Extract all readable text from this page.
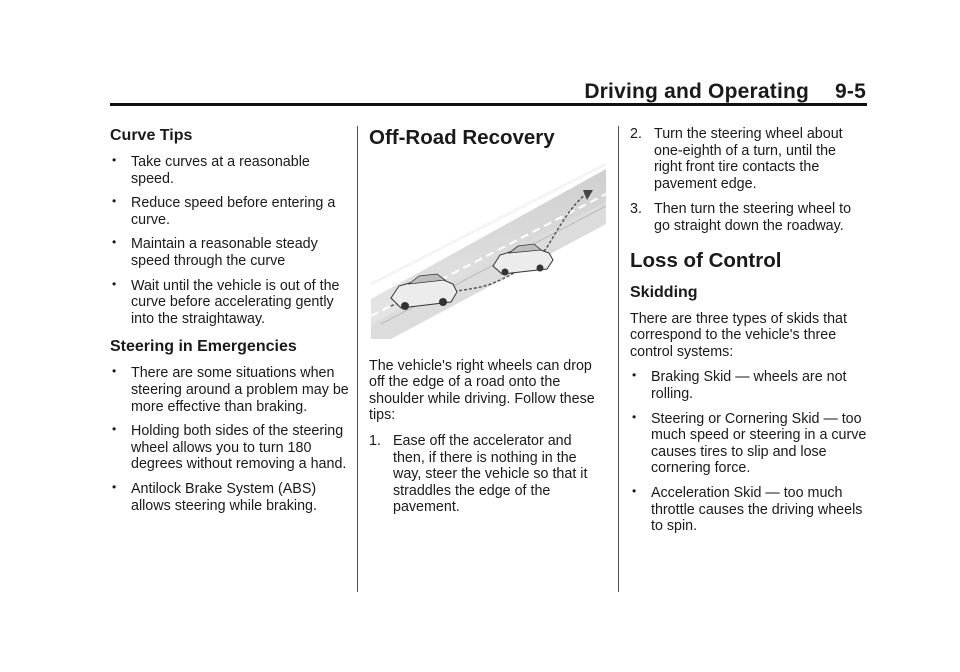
Driving and Operating 9-5
Curve Tips
• Take curves at a reasonable speed.
• Reduce speed before entering a curve.
• Maintain a reasonable steady speed through the curve
• Wait until the vehicle is out of the curve before accelerating gently into the straightaway.
Steering in Emergencies
• There are some situations when steering around a problem may be more effective than braking.
• Holding both sides of the steering wheel allows you to turn 180 degrees without removing a hand.
• Antilock Brake System (ABS) allows steering while braking.
Off-Road Recovery

The vehicle's right wheels can drop off the edge of a road onto the shoulder while driving. Follow these tips:

1. Ease off the accelerator and then, if there is nothing in the way, steer the vehicle so that it straddles the edge of the pavement.
2. Turn the steering wheel about one-eighth of a turn, until the right front tire contacts the pavement edge.
3. Then turn the steering wheel to go straight down the roadway.
Loss of Control
Skidding

There are three types of skids that correspond to the vehicle's three control systems:

• Braking Skid — wheels are not rolling.
• Steering or Cornering Skid — too much speed or steering in a curve causes tires to slip and lose cornering force.
• Acceleration Skid — too much throttle causes the driving wheels to spin.
